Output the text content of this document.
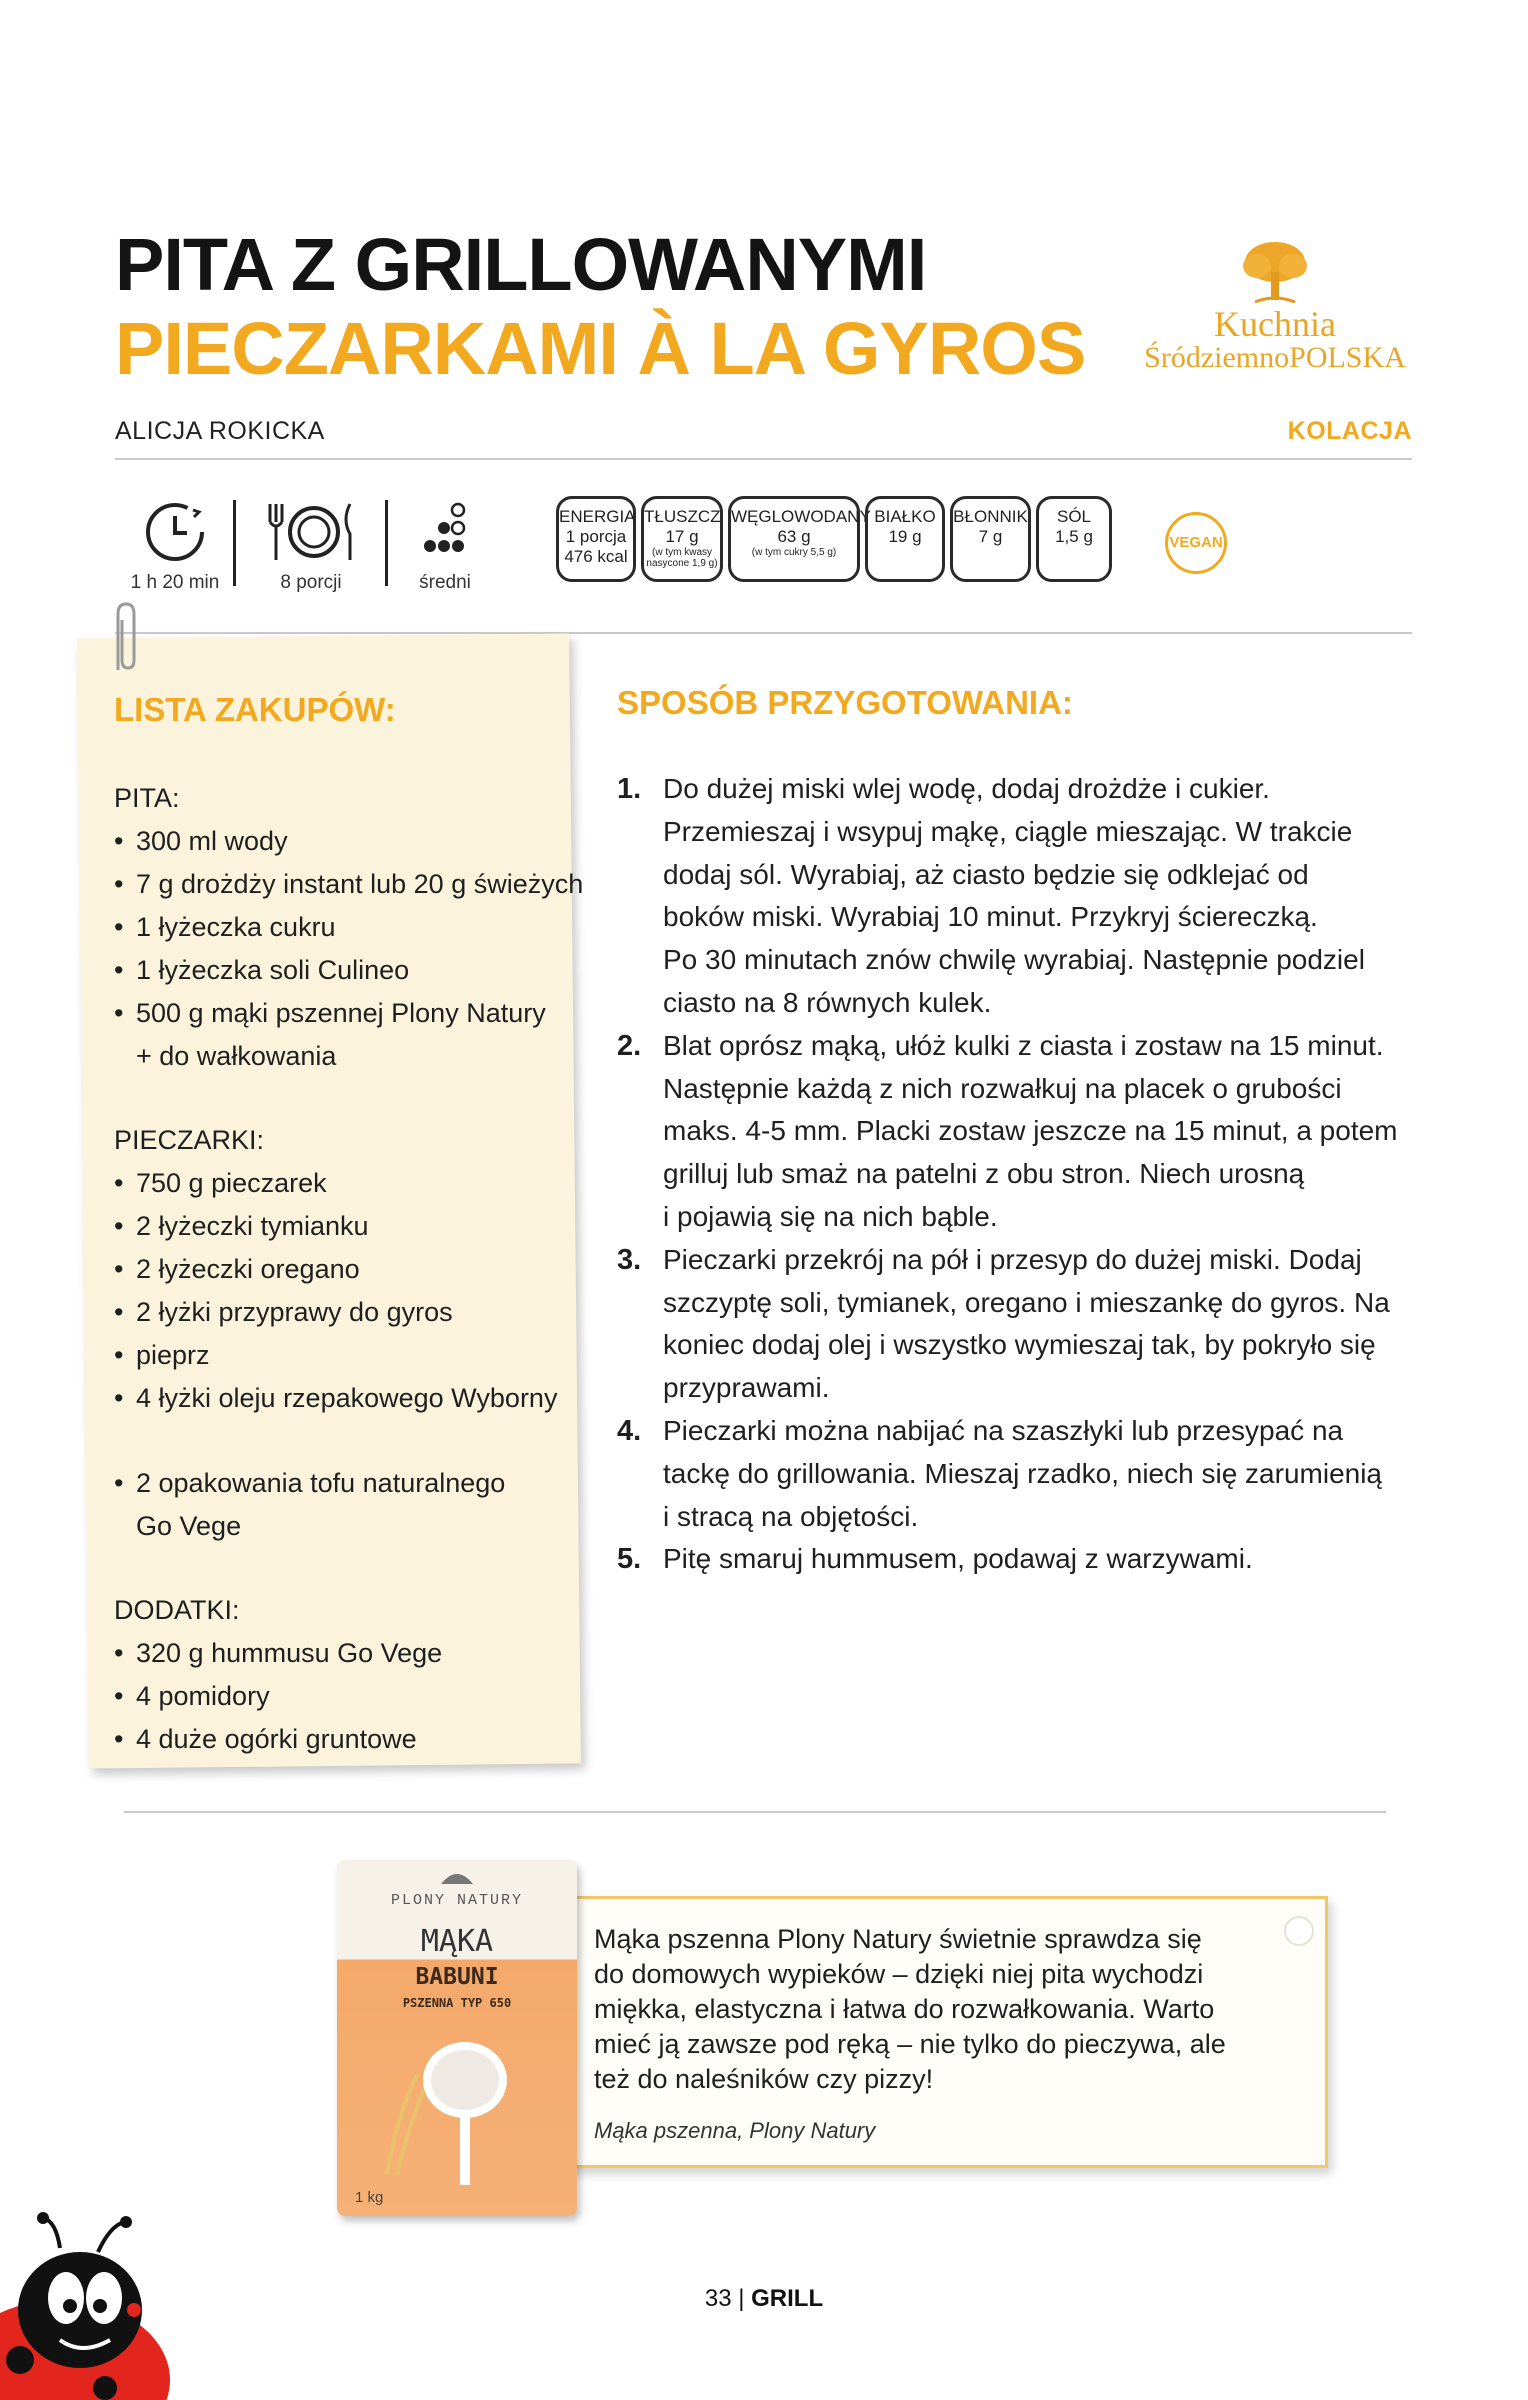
PITA Z GRILLOWANYMI
PIECZARKAMI À LA GYROS	Kuchnia
ŚródziemnoPOLSKA
ALICJA ROKICKA	KOLACJA
1 h 20 min	8 porcji	średni
ENERGIA
1 porcja
476 kcal
TŁUSZCZ
17 g
(w tym kwasy nasycone 1,9 g)
WĘGLOWODANY
63 g
(w tym cukry 5,5 g)
BIAŁKO
19 g
BŁONNIK
7 g
SÓL
1,5 g	VEGAN
LISTA ZAKUPÓW:
PITA:
• 300 ml wody
• 7 g drożdży instant lub 20 g świeżych
• 1 łyżeczka cukru
• 1 łyżeczka soli Culineo
• 500 g mąki pszennej Plony Natury
+ do wałkowania
PIECZARKI:
• 750 g pieczarek
• 2 łyżeczki tymianku
• 2 łyżeczki oregano
• 2 łyżki przyprawy do gyros
• pieprz
• 4 łyżki oleju rzepakowego Wyborny
• 2 opakowania tofu naturalnego
Go Vege
DODATKI:
• 320 g hummusu Go Vege
• 4 pomidory
• 4 duże ogórki gruntowe
SPOSÓB PRZYGOTOWANIA:
1. Do dużej miski wlej wodę, dodaj drożdże i cukier.
Przemieszaj i wsypuj mąkę, ciągle mieszając. W trakcie
dodaj sól. Wyrabiaj, aż ciasto będzie się odklejać od
boków miski. Wyrabiaj 10 minut. Przykryj ściereczką.
Po 30 minutach znów chwilę wyrabiaj. Następnie podziel
ciasto na 8 równych kulek.
2. Blat oprósz mąką, ułóż kulki z ciasta i zostaw na 15 minut.
Następnie każdą z nich rozwałkuj na placek o grubości
maks. 4-5 mm. Placki zostaw jeszcze na 15 minut, a potem
grilluj lub smaż na patelni z obu stron. Niech urosną
i pojawią się na nich bąble.
3. Pieczarki przekrój na pół i przesyp do dużej miski. Dodaj
szczyptę soli, tymianek, oregano i mieszankę do gyros. Na
koniec dodaj olej i wszystko wymieszaj tak, by pokryło się
przyprawami.
4. Pieczarki można nabijać na szaszłyki lub przesypać na
tackę do grillowania. Mieszaj rzadko, niech się zarumienią
i stracą na objętości.
5. Pitę smaruj hummusem, podawaj z warzywami.
Mąka pszenna Plony Natury świetnie sprawdza się
do domowych wypieków – dzięki niej pita wychodzi
miękka, elastyczna i łatwa do rozwałkowania. Warto
mieć ją zawsze pod ręką – nie tylko do pieczywa, ale
też do naleśników czy pizzy!
Mąka pszenna, Plony Natury
PLONY NATURY
MĄKA
BABUNI
PSZENNA TYP 650
1 kg
33 | GRILL
